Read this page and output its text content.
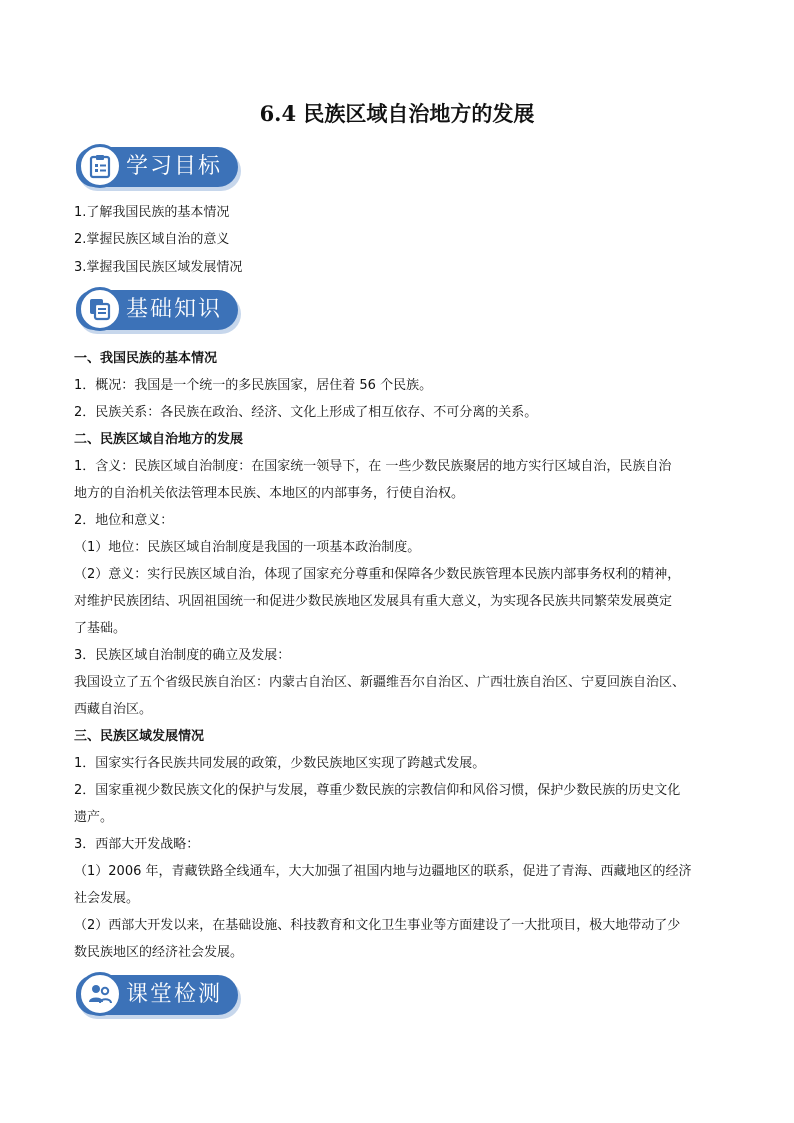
6.4 民族区域自治地方的发展
学习目标
1.了解我国民族的基本情况
2.掌握民族区域自治的意义
3.掌握我国民族区域发展情况
基础知识

一、我国民族的基本情况

1．概况：我国是一个统一的多民族国家，居住着 56 个民族。

2．民族关系：各民族在政治、经济、文化上形成了相互依存、不可分离的关系。

二、民族区域自治地方的发展

1．含义：民族区域自治制度：在国家统一领导下，在 一些少数民族聚居的地方实行区域自治，民族自治

地方的自治机关依法管理本民族、本地区的内部事务，行使自治权。

2．地位和意义：

（1）地位：民族区域自治制度是我国的一项基本政治制度。

（2）意义：实行民族区域自治，体现了国家充分尊重和保障各少数民族管理本民族内部事务权利的精神，

对维护民族团结、巩固祖国统一和促进少数民族地区发展具有重大意义，为实现各民族共同繁荣发展奠定

了基础。

3．民族区域自治制度的确立及发展：

我国设立了五个省级民族自治区：内蒙古自治区、新疆维吾尔自治区、广西壮族自治区、宁夏回族自治区、

西藏自治区。

三、民族区域发展情况

1．国家实行各民族共同发展的政策，少数民族地区实现了跨越式发展。

2．国家重视少数民族文化的保护与发展，尊重少数民族的宗教信仰和风俗习惯，保护少数民族的历史文化

遗产。

3．西部大开发战略：

（1）2006 年，青藏铁路全线通车，大大加强了祖国内地与边疆地区的联系，促进了青海、西藏地区的经济

社会发展。

（2）西部大开发以来，在基础设施、科技教育和文化卫生事业等方面建设了一大批项目，极大地带动了少

数民族地区的经济社会发展。

课堂检测
